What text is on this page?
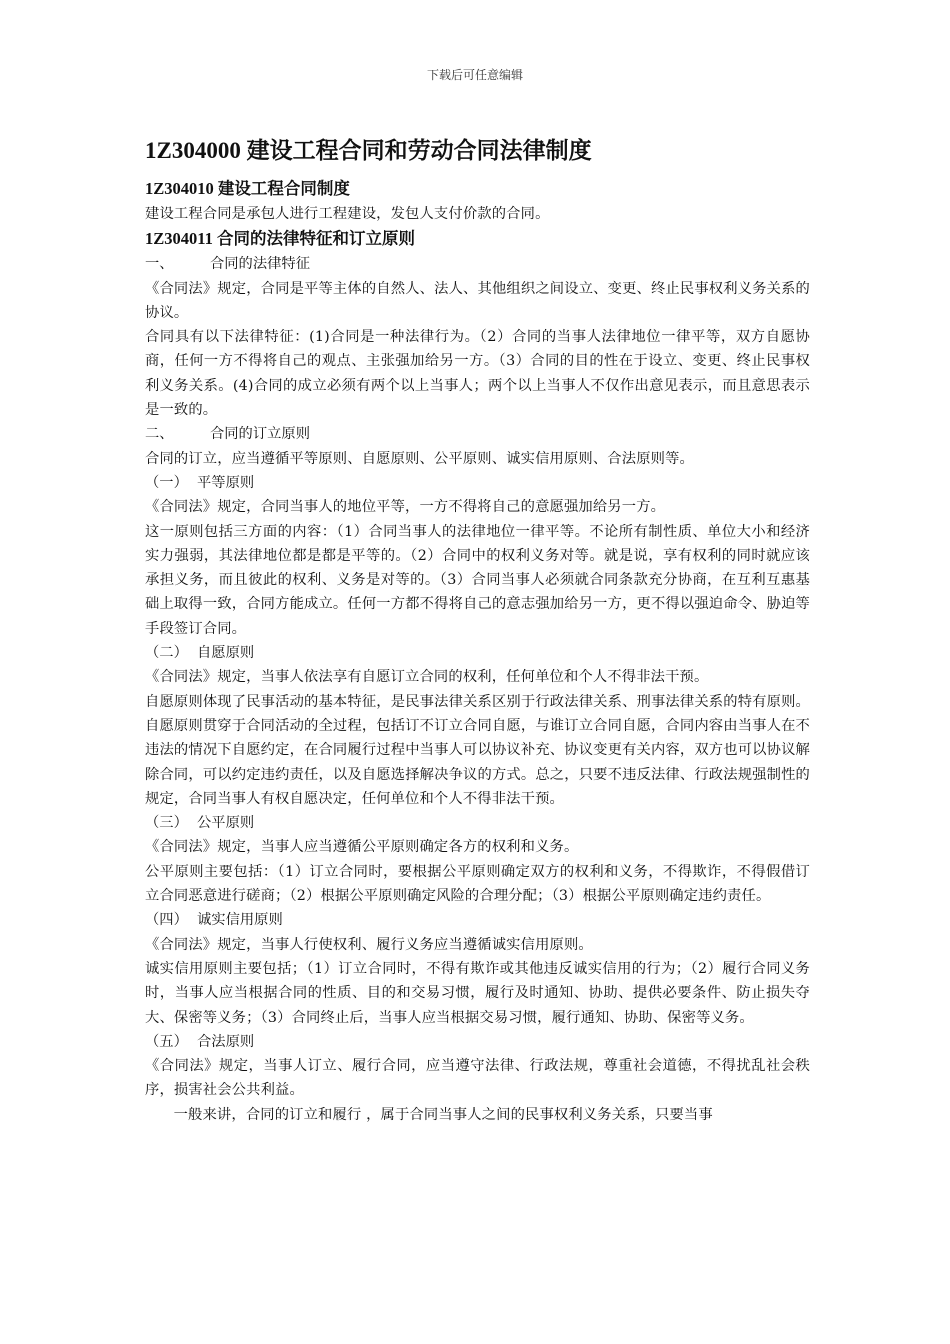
下载后可任意编辑
1Z304000 建设工程合同和劳动合同法律制度
1Z304010 建设工程合同制度

建设工程合同是承包人进行工程建设，发包人支付价款的合同。

1Z304011 合同的法律特征和订立原则

一、        合同的法律特征

《合同法》规定，合同是平等主体的自然人、法人、其他组织之间设立、变更、终止民事权利义务关系的协议。

合同具有以下法律特征：(1)合同是一种法律行为。（2）合同的当事人法律地位一律平等，双方自愿协商，任何一方不得将自己的观点、主张强加给另一方。（3）合同的目的性在于设立、变更、终止民事权利义务关系。(4)合同的成立必须有两个以上当事人；两个以上当事人不仅作出意见表示，而且意思表示是一致的。

二、        合同的订立原则

合同的订立，应当遵循平等原则、自愿原则、公平原则、诚实信用原则、合法原则等。

（一）  平等原则

《合同法》规定，合同当事人的地位平等，一方不得将自己的意愿强加给另一方。

这一原则包括三方面的内容：（1）合同当事人的法律地位一律平等。不论所有制性质、单位大小和经济实力强弱，其法律地位都是都是平等的。（2）合同中的权利义务对等。就是说，享有权利的同时就应该承担义务，而且彼此的权利、义务是对等的。（3）合同当事人必须就合同条款充分协商，在互利互惠基础上取得一致，合同方能成立。任何一方都不得将自己的意志强加给另一方，更不得以强迫命令、胁迫等手段签订合同。

（二）  自愿原则

《合同法》规定，当事人依法享有自愿订立合同的权利，任何单位和个人不得非法干预。

自愿原则体现了民事活动的基本特征，是民事法律关系区别于行政法律关系、刑事法律关系的特有原则。自愿原则贯穿于合同活动的全过程，包括订不订立合同自愿，与谁订立合同自愿，合同内容由当事人在不违法的情况下自愿约定，在合同履行过程中当事人可以协议补充、协议变更有关内容，双方也可以协议解除合同，可以约定违约责任，以及自愿选择解决争议的方式。总之，只要不违反法律、行政法规强制性的规定，合同当事人有权自愿决定，任何单位和个人不得非法干预。

（三）  公平原则

《合同法》规定，当事人应当遵循公平原则确定各方的权利和义务。

公平原则主要包括：（1）订立合同时，要根据公平原则确定双方的权利和义务，不得欺诈，不得假借订立合同恶意进行磋商；（2）根据公平原则确定风险的合理分配；（3）根据公平原则确定违约责任。

（四）  诚实信用原则

《合同法》规定，当事人行使权利、履行义务应当遵循诚实信用原则。

诚实信用原则主要包括；（1）订立合同时，不得有欺诈或其他违反诚实信用的行为；（2）履行合同义务时，当事人应当根据合同的性质、目的和交易习惯，履行及时通知、协助、提供必要条件、防止损失夺大、保密等义务；（3）合同终止后，当事人应当根据交易习惯，履行通知、协助、保密等义务。

（五）  合法原则

《合同法》规定，当事人订立、履行合同，应当遵守法律、行政法规，尊重社会道德，不得扰乱社会秩序，损害社会公共利益。

一般来讲，合同的订立和履行 ，属于合同当事人之间的民事权利义务关系，只要当事
